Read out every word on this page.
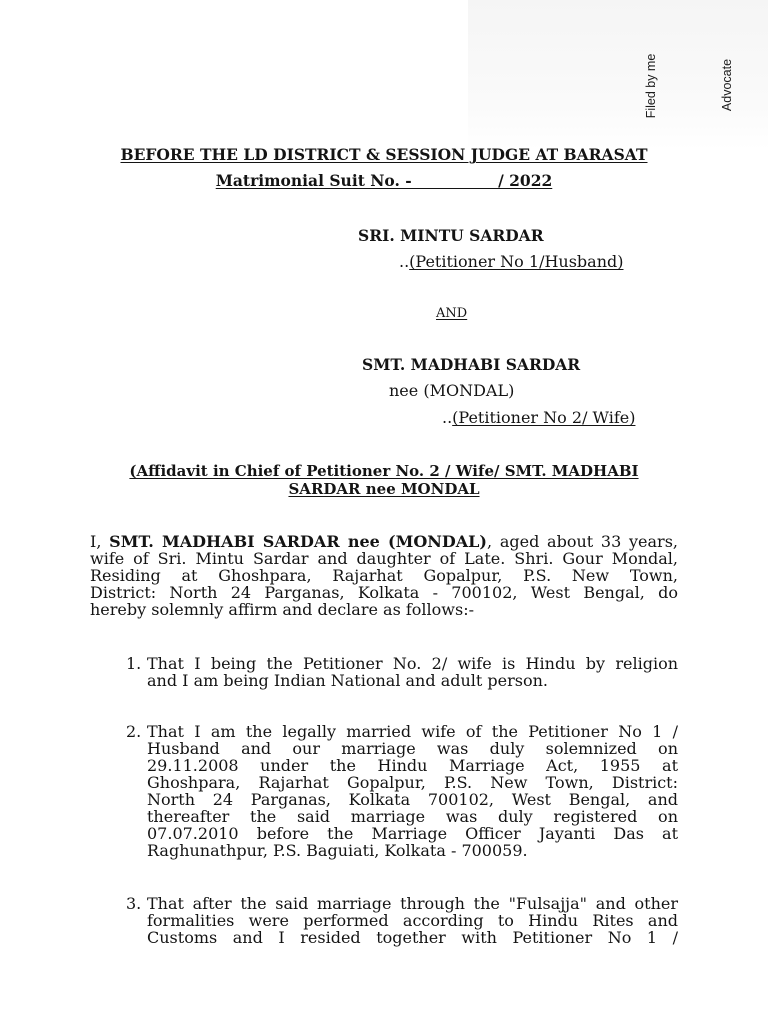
Filed by me	Advocate
BEFORE THE LD DISTRICT & SESSION JUDGE AT BARASAT
Matrimonial Suit No. -                / 2022
SRI. MINTU SARDAR
..(Petitioner No 1/Husband)
AND
SMT. MADHABI SARDAR
nee (MONDAL)
..(Petitioner No 2/ Wife)
(Affidavit in Chief of Petitioner No. 2 / Wife/ SMT. MADHABI
SARDAR nee MONDAL
I, SMT. MADHABI SARDAR nee (MONDAL), aged about 33 years,
wife of Sri. Mintu Sardar and daughter of Late. Shri. Gour Mondal,
Residing at Ghoshpara, Rajarhat Gopalpur, P.S. New Town,
District: North 24 Parganas, Kolkata - 700102, West Bengal, do
hereby solemnly affirm and declare as follows:-
1. That I being the Petitioner No. 2/ wife is Hindu by religion
and I am being Indian National and adult person.
2. That I am the legally married wife of the Petitioner No 1 /
Husband and our marriage was duly solemnized on
29.11.2008 under the Hindu Marriage Act, 1955 at
Ghoshpara, Rajarhat Gopalpur, P.S. New Town, District:
North 24 Parganas, Kolkata 700102, West Bengal, and
thereafter the said marriage was duly registered on
07.07.2010 before the Marriage Officer Jayanti Das at
Raghunathpur, P.S. Baguiati, Kolkata - 700059.
3. That after the said marriage through the "Fulsajja" and other
formalities were performed according to Hindu Rites and
Customs and I resided together with Petitioner No 1 /
